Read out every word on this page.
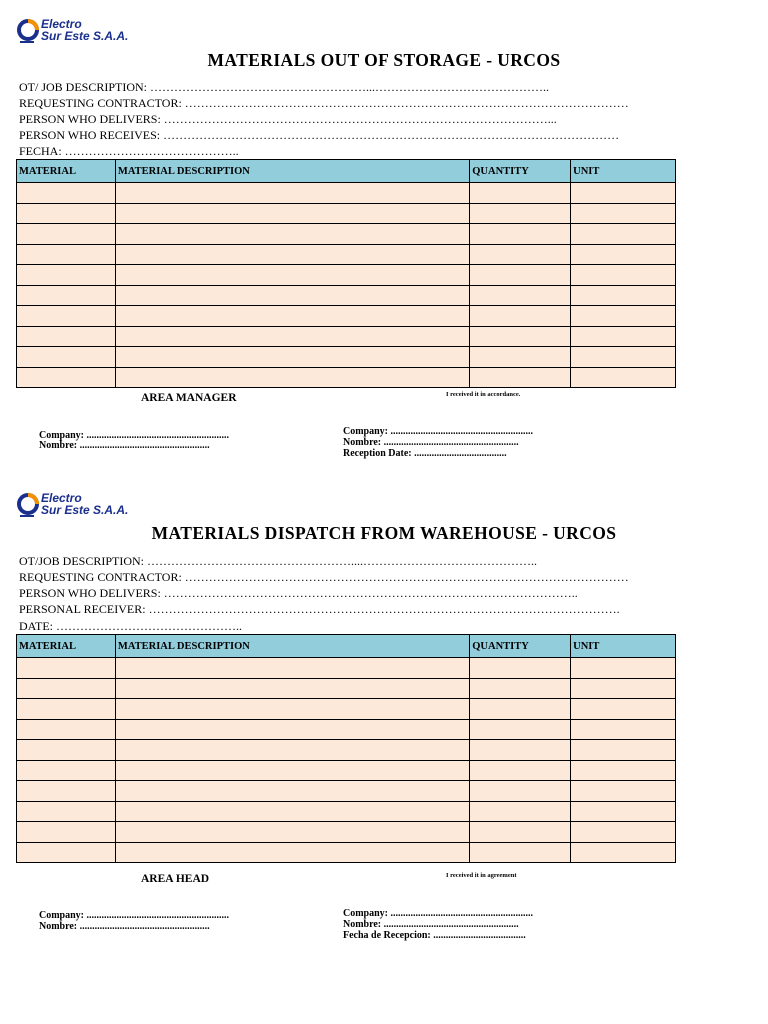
Electro
Sur Este S.A.A.
MATERIALS OUT OF STORAGE - URCOS
OT/ JOB DESCRIPTION: ………………………………………………...……………………………………..
REQUESTING CONTRACTOR: …………………………………………………………………………………………………
PERSON WHO DELIVERS: ……………………………………………………………………………………...
PERSON WHO RECEIVES: ……………………………………………………………………………………………………
FECHA: ……………………………………..
MATERIAL	MATERIAL DESCRIPTION	QUANTITY	UNIT

AREA MANAGER	I received it in accordance.
Company: .........................................................
Nombre: ....................................................
Company: .........................................................
Nombre: ......................................................
Reception Date: .....................................
Electro
Sur Este S.A.A.
MATERIALS DISPATCH FROM WAREHOUSE - URCOS
OT/JOB DESCRIPTION: ……………………………………………....……………………………………..
REQUESTING CONTRACTOR: …………………………………………………………………………………………………
PERSON WHO DELIVERS: …………………………………………………………………………………………..
PERSONAL RECEIVER: ……………………………………………………………………………………………………….
DATE: ………………………………………..
MATERIAL	MATERIAL DESCRIPTION	QUANTITY	UNIT

AREA HEAD	I received it in agreement
Company: .........................................................
Nombre: ....................................................
Company: .........................................................
Nombre: ......................................................
Fecha de Recepcion: .....................................
